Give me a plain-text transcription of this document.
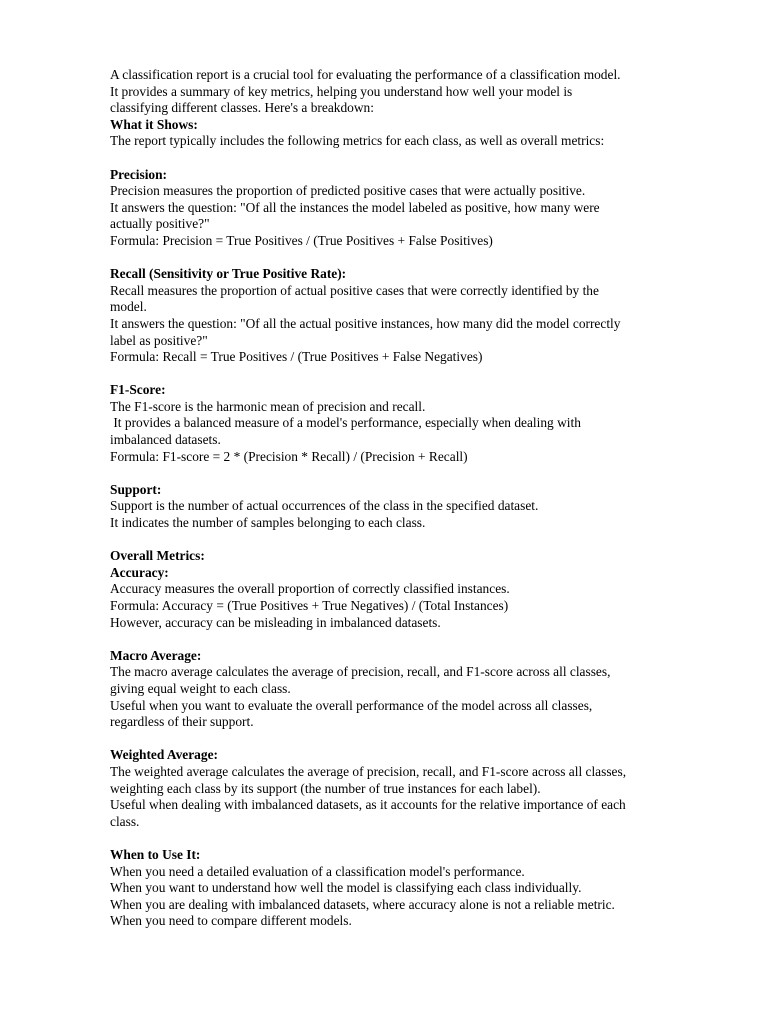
A classification report is a crucial tool for evaluating the performance of a classification model.
It provides a summary of key metrics, helping you understand how well your model is
classifying different classes. Here's a breakdown:
What it Shows:
The report typically includes the following metrics for each class, as well as overall metrics:
Precision:
Precision measures the proportion of predicted positive cases that were actually positive.
It answers the question: "Of all the instances the model labeled as positive, how many were
actually positive?"
Formula: Precision = True Positives / (True Positives + False Positives)
Recall (Sensitivity or True Positive Rate):
Recall measures the proportion of actual positive cases that were correctly identified by the
model.
It answers the question: "Of all the actual positive instances, how many did the model correctly
label as positive?"
Formula: Recall = True Positives / (True Positives + False Negatives)
F1-Score:
The F1-score is the harmonic mean of precision and recall.
It provides a balanced measure of a model's performance, especially when dealing with
imbalanced datasets.
Formula: F1-score = 2 * (Precision * Recall) / (Precision + Recall)
Support:
Support is the number of actual occurrences of the class in the specified dataset.
It indicates the number of samples belonging to each class.
Overall Metrics:
Accuracy:
Accuracy measures the overall proportion of correctly classified instances.
Formula: Accuracy = (True Positives + True Negatives) / (Total Instances)
However, accuracy can be misleading in imbalanced datasets.
Macro Average:
The macro average calculates the average of precision, recall, and F1-score across all classes,
giving equal weight to each class.
Useful when you want to evaluate the overall performance of the model across all classes,
regardless of their support.
Weighted Average:
The weighted average calculates the average of precision, recall, and F1-score across all classes,
weighting each class by its support (the number of true instances for each label).
Useful when dealing with imbalanced datasets, as it accounts for the relative importance of each
class.
When to Use It:
When you need a detailed evaluation of a classification model's performance.
When you want to understand how well the model is classifying each class individually.
When you are dealing with imbalanced datasets, where accuracy alone is not a reliable metric.
When you need to compare different models.
